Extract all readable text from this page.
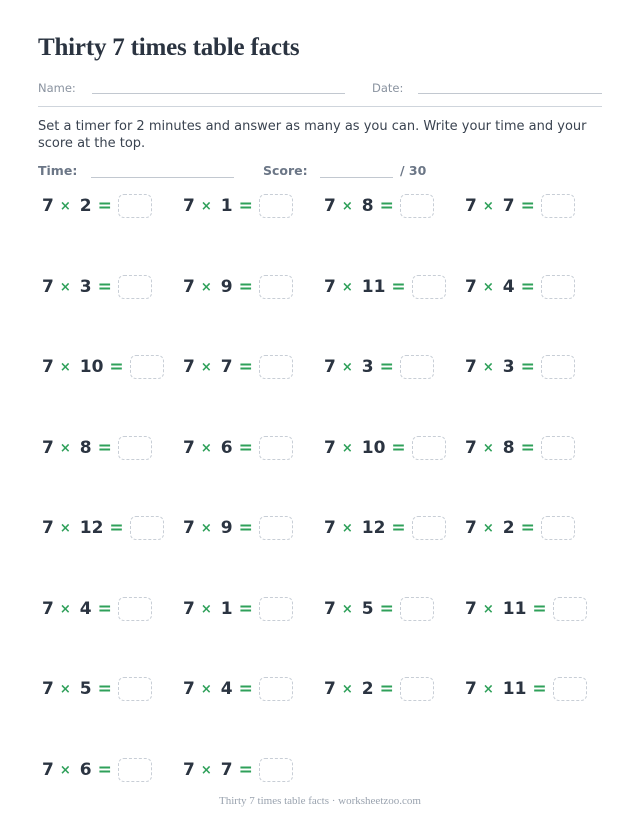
Thirty 7 times table facts
Name:	Date:

Set a timer for 2 minutes and answer as many as you can. Write your time and your score at the top.

Time:	Score:	/ 30
7 × 2 =	7 × 1 =	7 × 8 =	7 × 7 =
7 × 3 =	7 × 9 =	7 × 11 =	7 × 4 =
7 × 10 =	7 × 7 =	7 × 3 =	7 × 3 =
7 × 8 =	7 × 6 =	7 × 10 =	7 × 8 =
7 × 12 =	7 × 9 =	7 × 12 =	7 × 2 =
7 × 4 =	7 × 1 =	7 × 5 =	7 × 11 =
7 × 5 =	7 × 4 =	7 × 2 =	7 × 11 =
7 × 6 =	7 × 7 =
Thirty 7 times table facts · worksheetzoo.com
